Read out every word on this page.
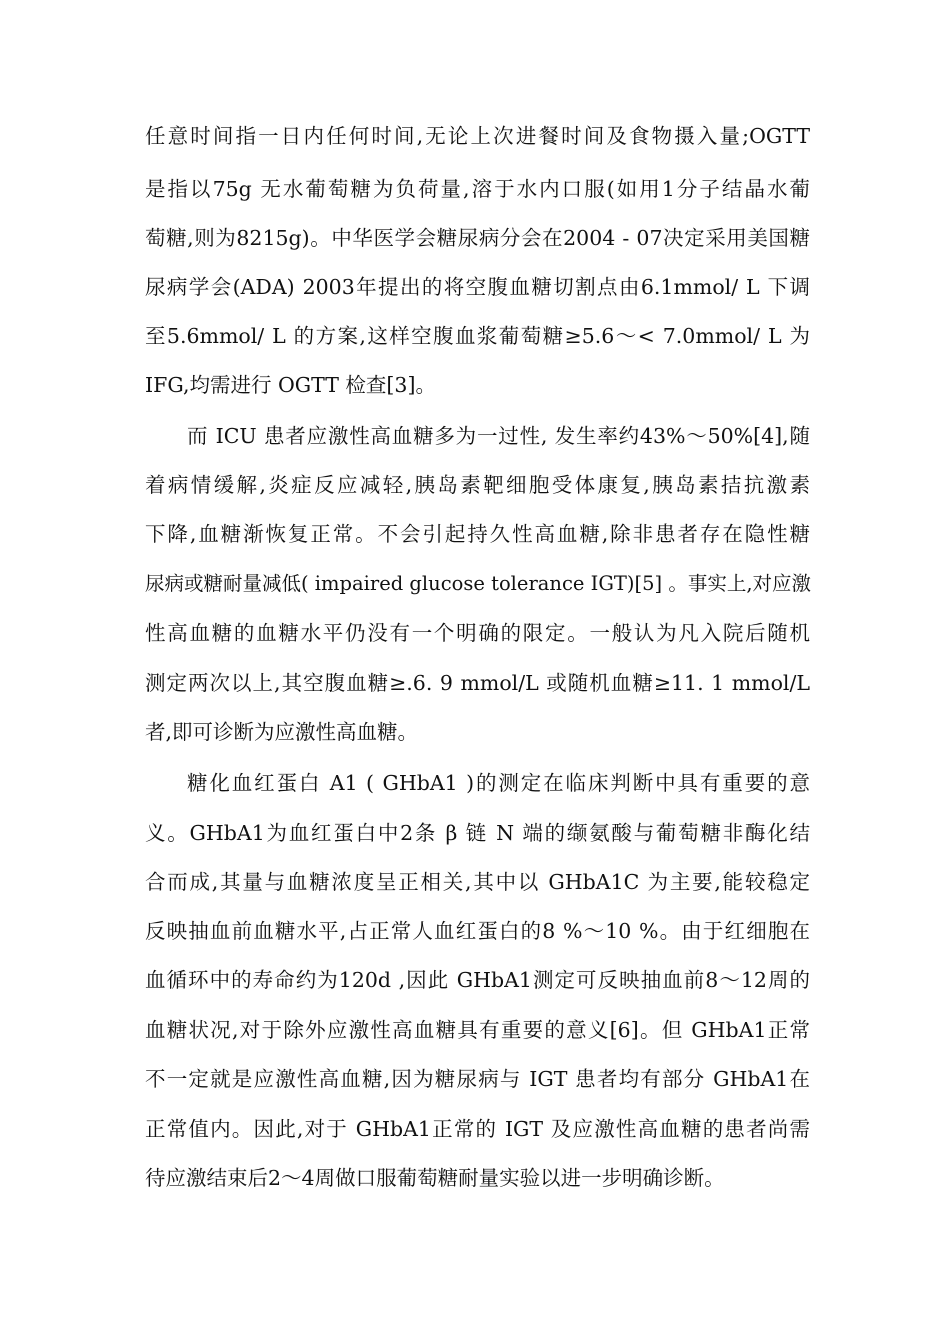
任意时间指一日内任何时间,无论上次进餐时间及食物摄入量;OGTT
是指以75g 无水葡萄糖为负荷量,溶于水内口服(如用1分子结晶水葡
萄糖,则为8215g)。中华医学会糖尿病分会在2004 - 07决定采用美国糖
尿病学会(ADA) 2003年提出的将空腹血糖切割点由6.1mmol/ L 下调
至5.6mmol/ L 的方案,这样空腹血浆葡萄糖≥5.6～< 7.0mmol/ L 为
IFG,均需进行 OGTT 检查[3]。
而 ICU 患者应激性高血糖多为一过性, 发生率约43%～50%[4],随
着病情缓解,炎症反应减轻,胰岛素靶细胞受体康复,胰岛素拮抗激素
下降,血糖渐恢复正常。不会引起持久性高血糖,除非患者存在隐性糖
尿病或糖耐量减低( impaired glucose tolerance IGT)[5] 。事实上,对应激
性高血糖的血糖水平仍没有一个明确的限定。一般认为凡入院后随机
测定两次以上,其空腹血糖≥.6. 9 mmol/L 或随机血糖≥11. 1 mmol/L
者,即可诊断为应激性高血糖。
糖化血红蛋白 A1 ( GHbA1 )的测定在临床判断中具有重要的意
义。GHbA1为血红蛋白中2条 β 链 N 端的缬氨酸与葡萄糖非酶化结
合而成,其量与血糖浓度呈正相关,其中以 GHbA1C 为主要,能较稳定
反映抽血前血糖水平,占正常人血红蛋白的8 %～10 %。由于红细胞在
血循环中的寿命约为120d ,因此 GHbA1测定可反映抽血前8～12周的
血糖状况,对于除外应激性高血糖具有重要的意义[6]。但 GHbA1正常
不一定就是应激性高血糖,因为糖尿病与 IGT 患者均有部分 GHbA1在
正常值内。因此,对于 GHbA1正常的 IGT 及应激性高血糖的患者尚需
待应激结束后2～4周做口服葡萄糖耐量实验以进一步明确诊断。
